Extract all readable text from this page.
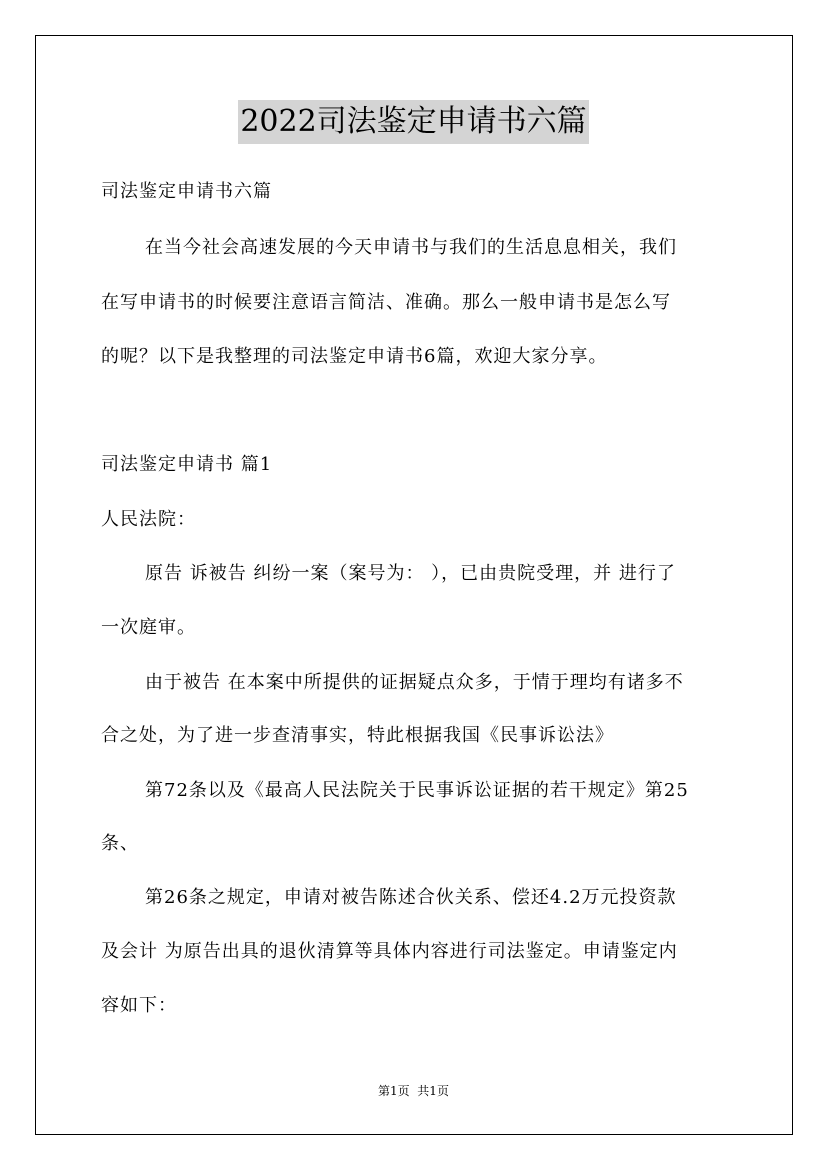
2022司法鉴定申请书六篇
司法鉴定申请书六篇
在当今社会高速发展的今天申请书与我们的生活息息相关，我们
在写申请书的时候要注意语言简洁、准确。那么一般申请书是怎么写
的呢？以下是我整理的司法鉴定申请书6篇，欢迎大家分享。
司法鉴定申请书 篇1
人民法院：
原告 诉被告 纠纷一案（案号为： ），已由贵院受理，并 进行了
一次庭审。
由于被告 在本案中所提供的证据疑点众多，于情于理均有诸多不
合之处，为了进一步查清事实，特此根据我国《民事诉讼法》
第72条以及《最高人民法院关于民事诉讼证据的若干规定》第25
条、
第26条之规定，申请对被告陈述合伙关系、偿还4.2万元投资款
及会计 为原告出具的退伙清算等具体内容进行司法鉴定。申请鉴定内
容如下：
第1页  共1页
